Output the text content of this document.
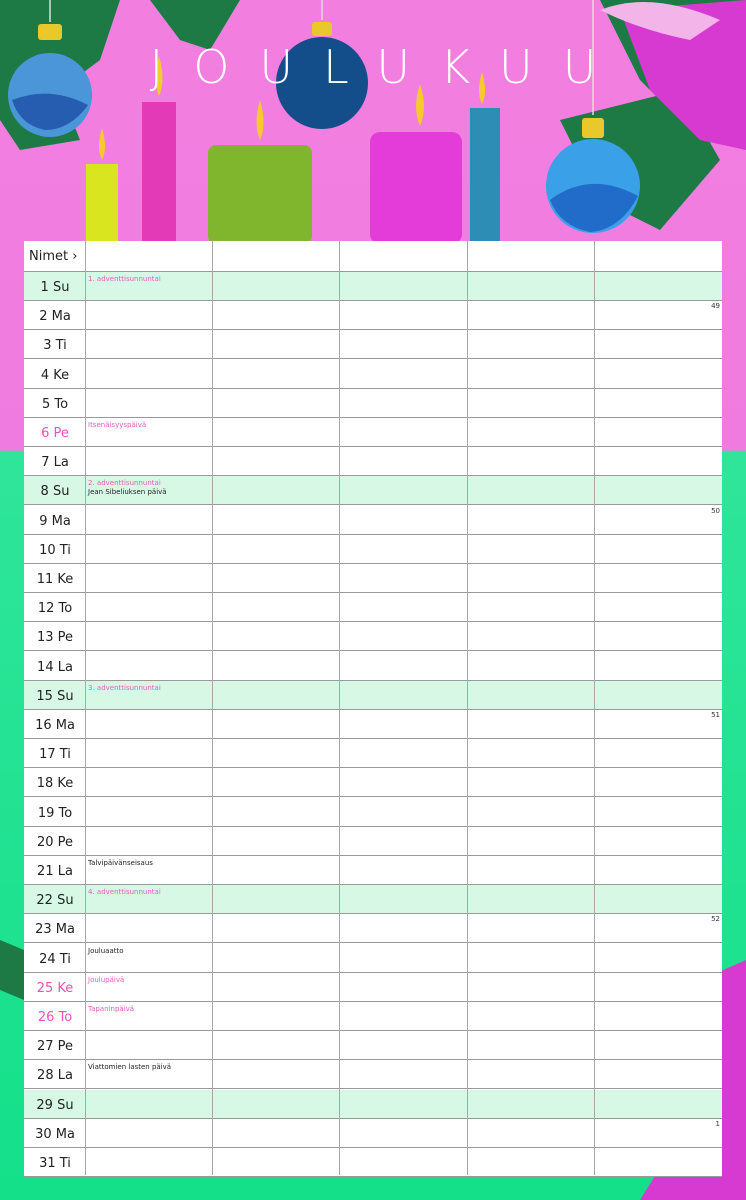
JOULUKUU
Nimet ›
1 Su
1. adventtisunnuntai
2 Ma
49
3 Ti
4 Ke
5 To
6 Pe
Itsenäisyyspäivä
7 La
8 Su
2. adventtisunnuntai
Jean Sibeliuksen päivä
9 Ma
50
10 Ti
11 Ke
12 To
13 Pe
14 La
15 Su
3. adventtisunnuntai
16 Ma
51
17 Ti
18 Ke
19 To
20 Pe
21 La
Talvipäivänseisaus
22 Su
4. adventtisunnuntai
23 Ma
52
24 Ti
Jouluaatto
25 Ke
Joulupäivä
26 To
Tapaninpäivä
27 Pe
28 La
Viattomien lasten päivä
29 Su
30 Ma
1
31 Ti
